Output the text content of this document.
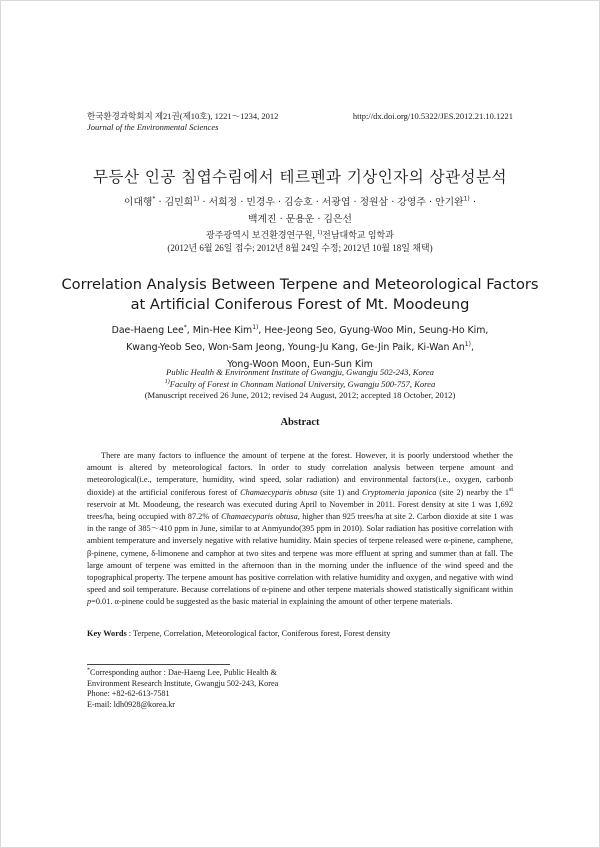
한국환경과학회지 제21권(제10호), 1221～1234, 2012
Journal of the Environmental Sciences
http://dx.doi.org/10.5322/JES.2012.21.10.1221
무등산 인공 침엽수림에서 테르펜과 기상인자의 상관성분석
이대행* · 김민희$^{1)}$ · 서희정 · 민경우 · 김승호 · 서광엽 · 정원삼 · 강영주 · 안기완$^{1)}$ ·
백계진 · 문용운 · 김은선
광주광역시 보건환경연구원, $^{1)}$전남대학교 임학과
(2012년 6월 26일 접수; 2012년 8월 24일 수정; 2012년 10월 18일 채택)
Correlation Analysis Between Terpene and Meteorological Factors
at Artificial Coniferous Forest of Mt. Moodeung
Dae-Haeng Lee*, Min-Hee Kim$^{1)}$, Hee-Jeong Seo, Gyung-Woo Min, Seung-Ho Kim,
Kwang-Yeob Seo, Won-Sam Jeong, Young-Ju Kang, Ge-Jin Paik, Ki-Wan An$^{1)}$,
Yong-Woon Moon, Eun-Sun Kim
Public Health & Environment Institute of Gwangju, Gwangju 502-243, Korea
$^{1)}$Faculty of Forest in Chonnam National University, Gwangju 500-757, Korea
(Manuscript received 26 June, 2012; revised 24 August, 2012; accepted 18 October, 2012)
Abstract
There are many factors to influence the amount of terpene at the forest. However, it is poorly understood whether the amount is altered by meteorological factors. In order to study correlation analysis between terpene amount and meteorological(i.e., temperature, humidity, wind speed, solar radiation) and environmental factors(i.e., oxygen, carbonb dioxide) at the artificial coniferous forest of Chamaecyparis obtusa (site 1) and Cryptomeria japonica (site 2) nearby the 1st reservoir at Mt. Moodeung, the research was executed during April to November in 2011. Forest density at site 1 was 1,692 trees/ha, being occupied with 87.2% of Chamaecyparis obtusa, higher than 925 trees/ha at site 2. Carbon dioxide at site 1 was in the range of 385～410 ppm in June, similar to at Anmyundo(395 ppm in 2010). Solar radiation has positive correlation with ambient temperature and inversely negative with relative humidity. Main species of terpene released were α-pinene, camphene, β-pinene, cymene, δ-limonene and camphor at two sites and terpene was more effluent at spring and summer than at fall. The large amount of terpene was emitted in the afternoon than in the morning under the influence of the wind speed and the topographical property. The terpene amount has positive correlation with relative humidity and oxygen, and negative with wind speed and soil temperature. Because correlations of α-pinene and other terpene materials showed statistically significant within p=0.01. α-pinene could be suggested as the basic material in explaining the amount of other terpene materials.
Key Words : Terpene, Correlation, Meteorological factor, Coniferous forest, Forest density
*Corresponding author : Dae-Haeng Lee, Public Health &
Environment Research Institute, Gwangju 502-243, Korea
Phone: +82-62-613-7581
E-mail: ldh0928@korea.kr
